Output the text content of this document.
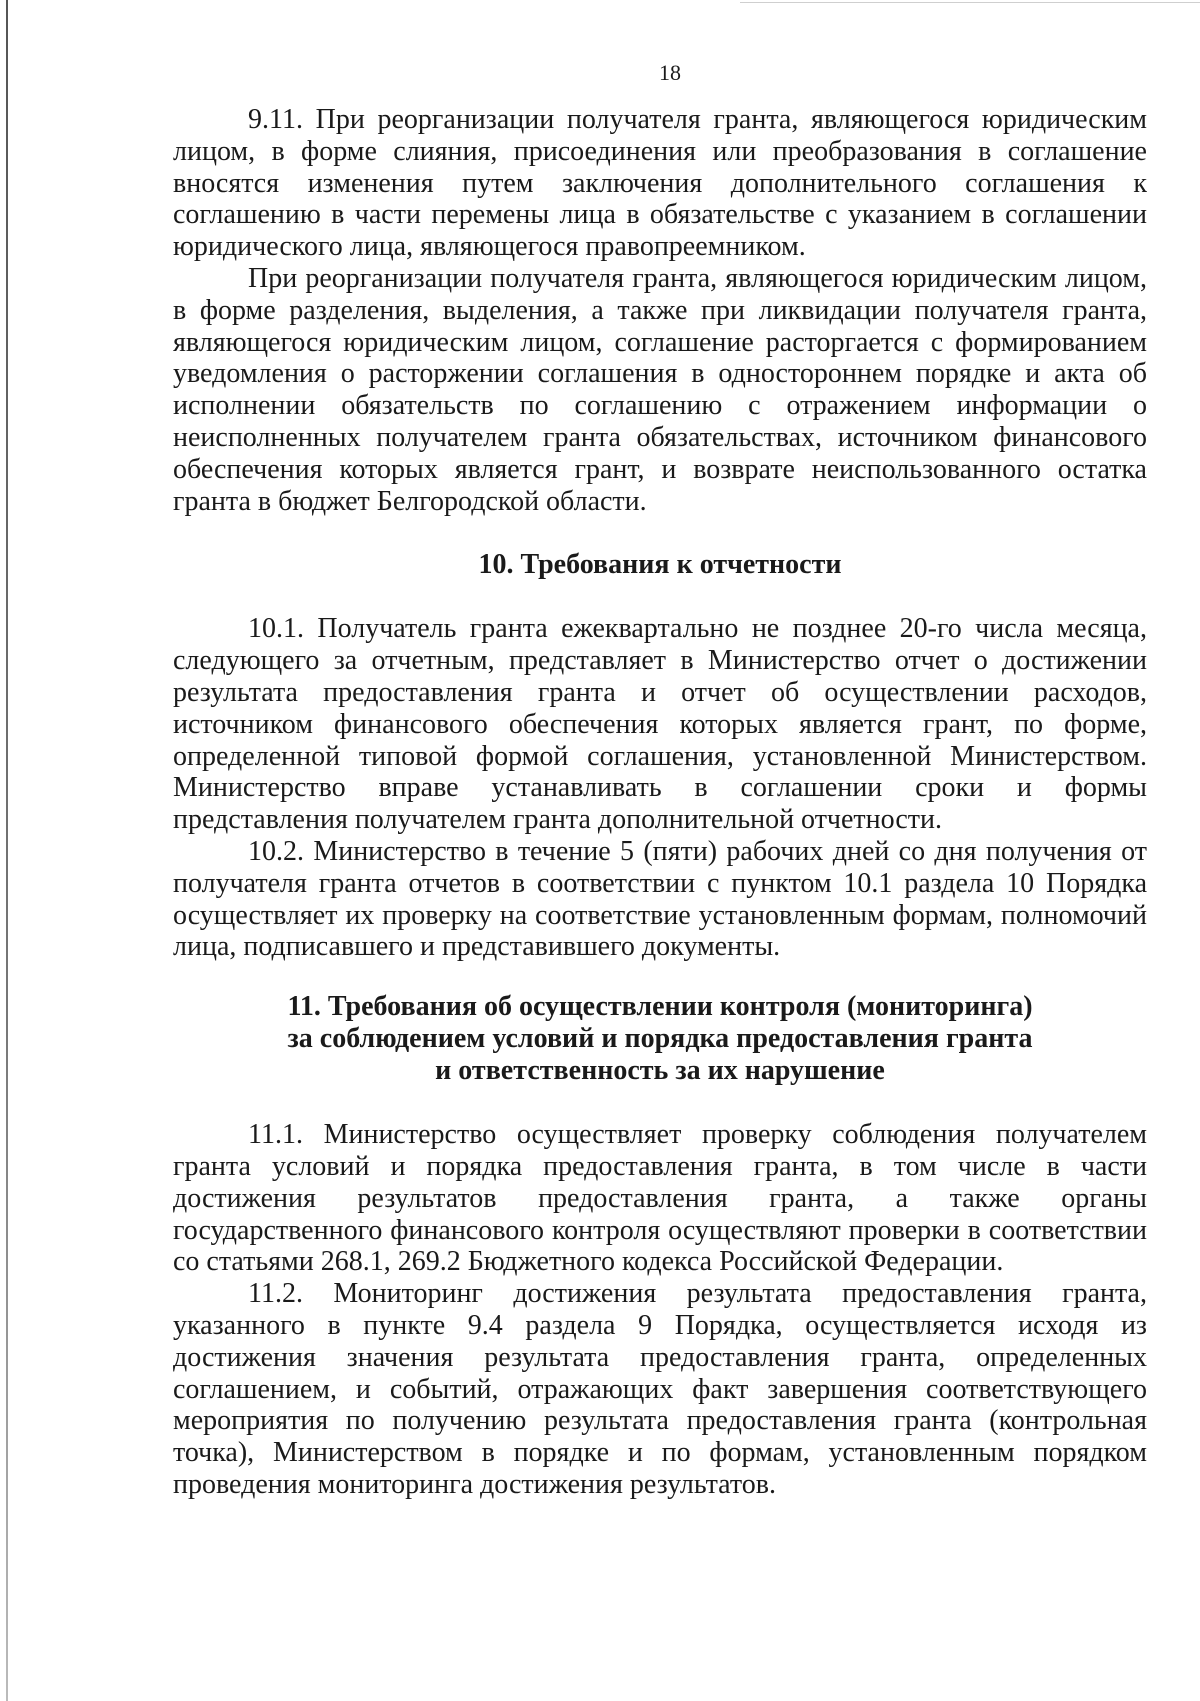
18

9.11. При реорганизации получателя гранта, являющегося юридическим лицом, в форме слияния, присоединения или преобразования в соглашение вносятся изменения путем заключения дополнительного соглашения к соглашению в части перемены лица в обязательстве с указанием в соглашении юридического лица, являющегося правопреемником.

При реорганизации получателя гранта, являющегося юридическим лицом, в форме разделения, выделения, а также при ликвидации получателя гранта, являющегося юридическим лицом, соглашение расторгается с формированием уведомления о расторжении соглашения в одностороннем порядке и акта об исполнении обязательств по соглашению с отражением информации о неисполненных получателем гранта обязательствах, источником финансового обеспечения которых является грант, и возврате неиспользованного остатка гранта в бюджет Белгородской области.

10. Требования к отчетности

10.1. Получатель гранта ежеквартально не позднее 20-го числа месяца, следующего за отчетным, представляет в Министерство отчет о достижении результата предоставления гранта и отчет об осуществлении расходов, источником финансового обеспечения которых является грант, по форме, определенной типовой формой соглашения, установленной Министерством. Министерство вправе устанавливать в соглашении сроки и формы представления получателем гранта дополнительной отчетности.

10.2. Министерство в течение 5 (пяти) рабочих дней со дня получения от получателя гранта отчетов в соответствии с пунктом 10.1 раздела 10 Порядка осуществляет их проверку на соответствие установленным формам, полномочий лица, подписавшего и представившего документы.

11. Требования об осуществлении контроля (мониторинга)
за соблюдением условий и порядка предоставления гранта
и ответственность за их нарушение

11.1. Министерство осуществляет проверку соблюдения получателем гранта условий и порядка предоставления гранта, в том числе в части достижения результатов предоставления гранта, а также органы государственного финансового контроля осуществляют проверки в соответствии со статьями 268.1, 269.2 Бюджетного кодекса Российской Федерации.

11.2. Мониторинг достижения результата предоставления гранта, указанного в пункте 9.4 раздела 9 Порядка, осуществляется исходя из достижения значения результата предоставления гранта, определенных соглашением, и событий, отражающих факт завершения соответствующего мероприятия по получению результата предоставления гранта (контрольная точка), Министерством в порядке и по формам, установленным порядком проведения мониторинга достижения результатов.
